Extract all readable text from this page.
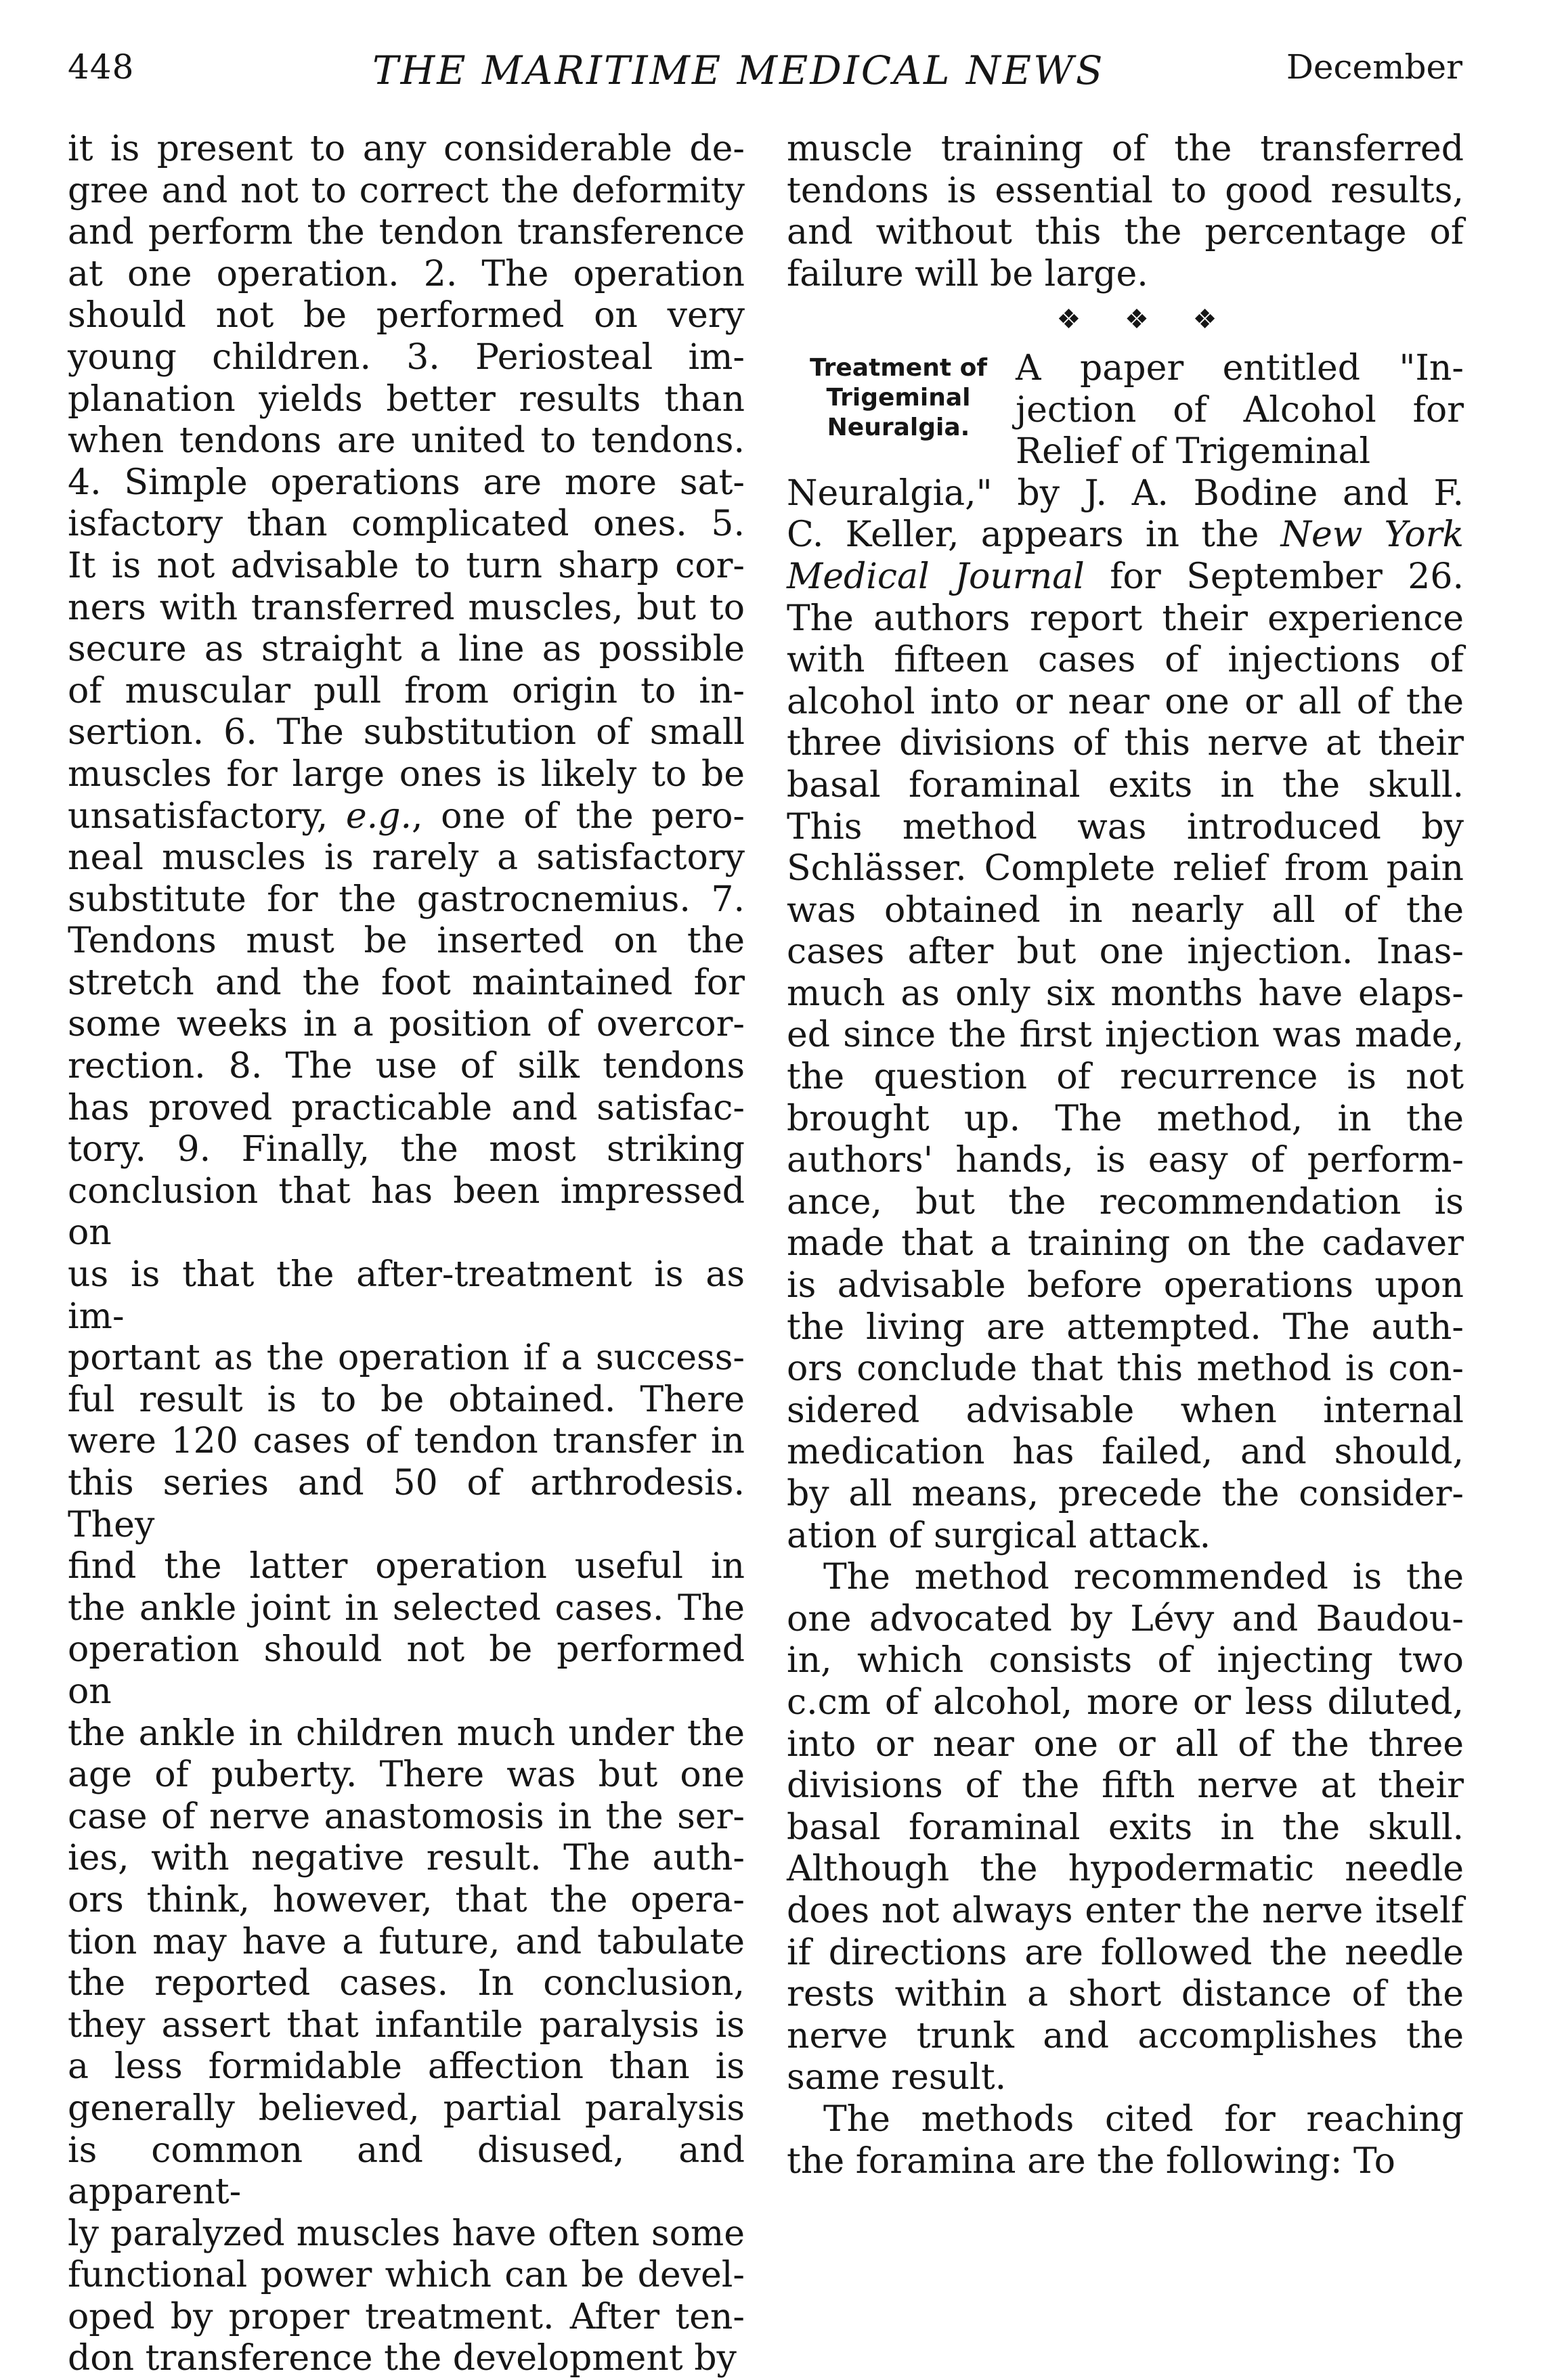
448	THE MARITIME MEDICAL NEWS	December

it is present to any considerable de-

gree and not to correct the deformity

and perform the tendon transference

at one operation. 2. The operation

should not be performed on very

young children. 3. Periosteal im-

planation yields better results than

when tendons are united to tendons.

4. Simple operations are more sat-

isfactory than complicated ones. 5.

It is not advisable to turn sharp cor-

ners with transferred muscles, but to

secure as straight a line as possible

of muscular pull from origin to in-

sertion. 6. The substitution of small

muscles for large ones is likely to be

unsatisfactory, e.g., one of the pero-

neal muscles is rarely a satisfactory

substitute for the gastrocnemius. 7.

Tendons must be inserted on the

stretch and the foot maintained for

some weeks in a position of overcor-

rection. 8. The use of silk tendons

has proved practicable and satisfac-

tory. 9. Finally, the most striking

conclusion that has been impressed on

us is that the after-treatment is as im-

portant as the operation if a success-

ful result is to be obtained. There

were 120 cases of tendon transfer in

this series and 50 of arthrodesis. They

find the latter operation useful in

the ankle joint in selected cases. The

operation should not be performed on

the ankle in children much under the

age of puberty. There was but one

case of nerve anastomosis in the ser-

ies, with negative result. The auth-

ors think, however, that the opera-

tion may have a future, and tabulate

the reported cases. In conclusion,

they assert that infantile paralysis is

a less formidable affection than is

generally believed, partial paralysis

is common and disused, and apparent-

ly paralyzed muscles have often some

functional power which can be devel-

oped by proper treatment. After ten-

don transference the development by

muscle training of the transferred

tendons is essential to good results,

and without this the percentage of

failure will be large.

❖ ❖ ❖
Treatment of
Trigeminal
Neuralgia.

A paper entitled "In-

jection of Alcohol for

Relief of Trigeminal

Neuralgia," by J. A. Bodine and F.

C. Keller, appears in the New York

Medical Journal for September 26.

The authors report their experience

with fifteen cases of injections of

alcohol into or near one or all of the

three divisions of this nerve at their

basal foraminal exits in the skull.

This method was introduced by

Schlässer. Complete relief from pain

was obtained in nearly all of the

cases after but one injection. Inas-

much as only six months have elaps-

ed since the first injection was made,

the question of recurrence is not

brought up. The method, in the

authors' hands, is easy of perform-

ance, but the recommendation is

made that a training on the cadaver

is advisable before operations upon

the living are attempted. The auth-

ors conclude that this method is con-

sidered advisable when internal

medication has failed, and should,

by all means, precede the consider-

ation of surgical attack.

The method recommended is the

one advocated by Lévy and Baudou-

in, which consists of injecting two

c.cm of alcohol, more or less diluted,

into or near one or all of the three

divisions of the fifth nerve at their

basal foraminal exits in the skull.

Although the hypodermatic needle

does not always enter the nerve itself

if directions are followed the needle

rests within a short distance of the

nerve trunk and accomplishes the

same result.

The methods cited for reaching

the foramina are the following: To
